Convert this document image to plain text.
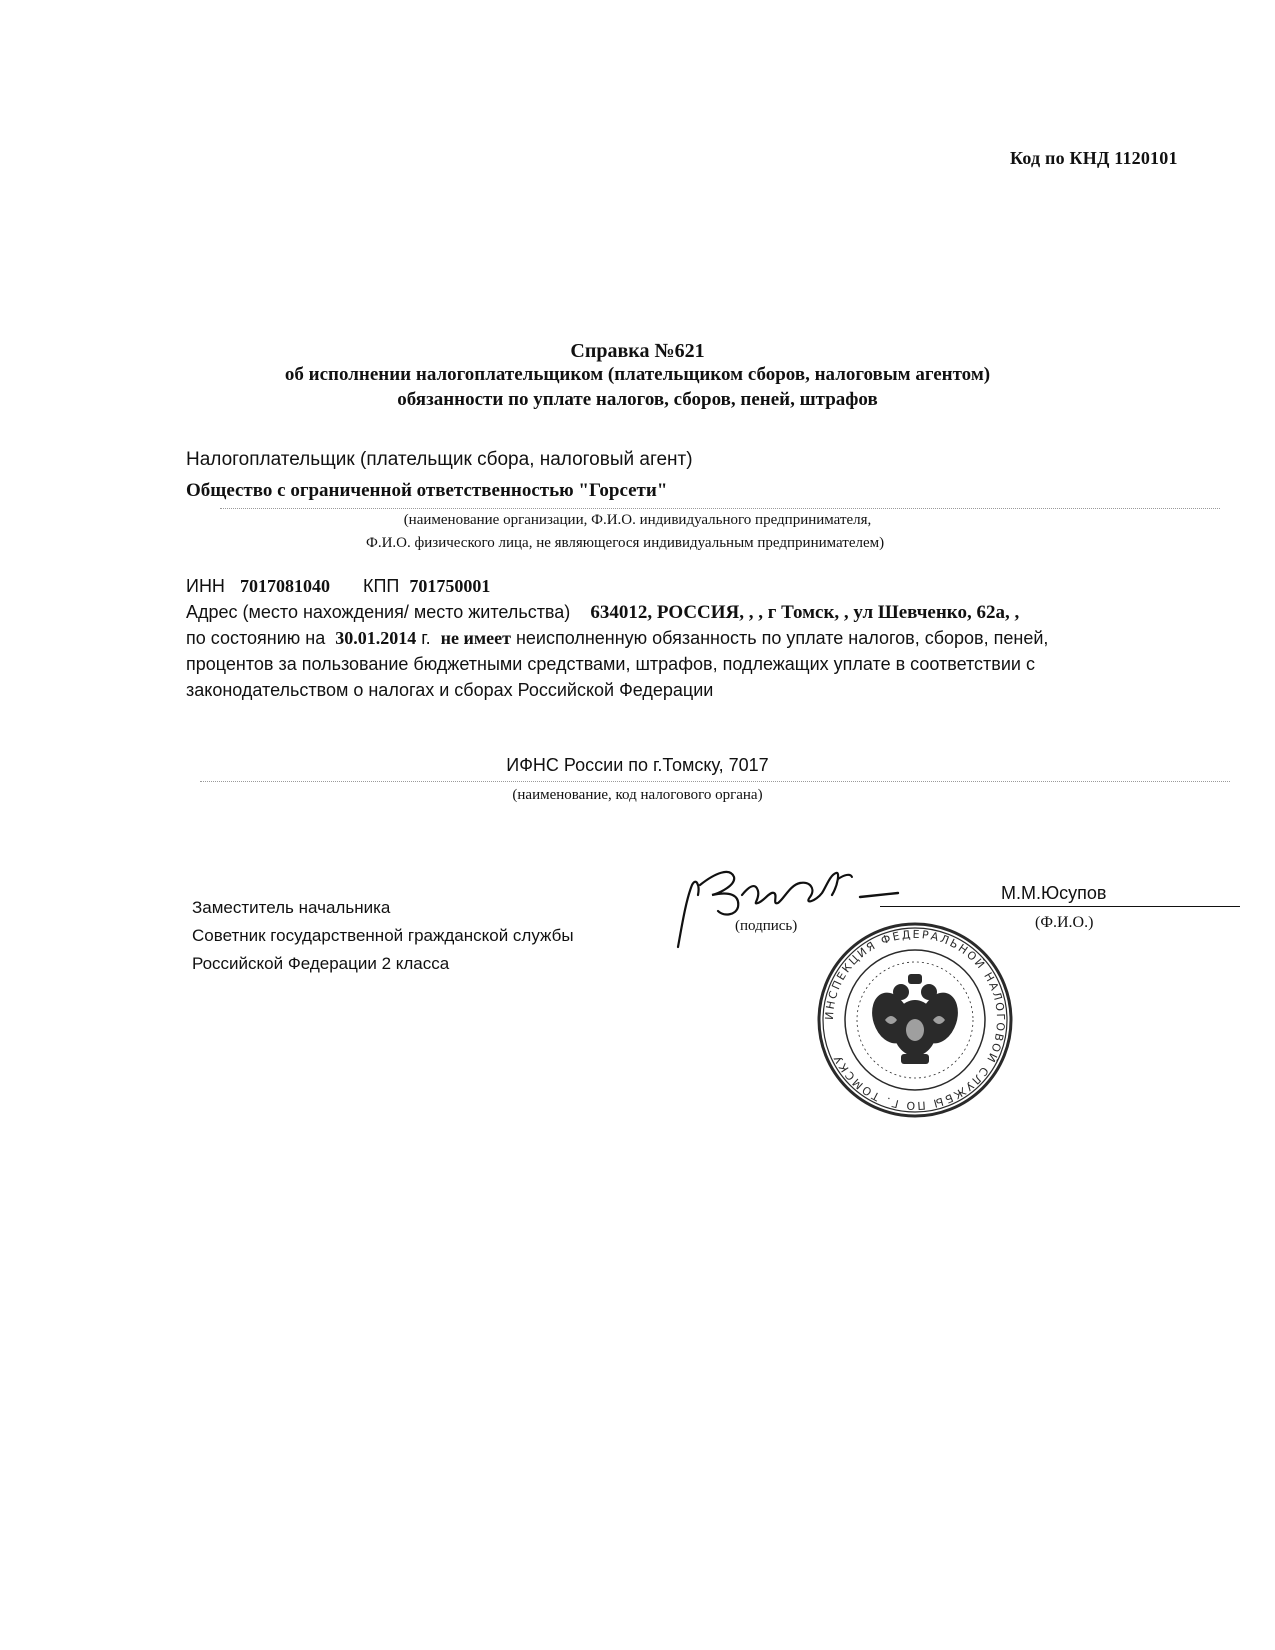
Код по КНД 1120101
Справка №621
об исполнении налогоплательщиком (плательщиком сборов, налоговым агентом)
обязанности по уплате налогов, сборов, пеней, штрафов
Налогоплательщик (плательщик сбора, налоговый агент)
Общество с ограниченной ответственностью "Горсети"
(наименование организации, Ф.И.О. индивидуального предпринимателя,
Ф.И.О. физического лица, не являющегося индивидуальным предпринимателем)
ИНН 7017081040 КПП 701750001
Адрес (место нахождения/ место жительства) 634012, РОССИЯ, , , г Томск, , ул Шевченко, 62а, ,
по состоянию на 30.01.2014 г. не имеет неисполненную обязанность по уплате налогов, сборов, пеней,
процентов за пользование бюджетными средствами, штрафов, подлежащих уплате в соответствии с
законодательством о налогах и сборах Российской Федерации
ИФНС России по г.Томску, 7017
(наименование, код налогового органа)
Заместитель начальника
Советник государственной гражданской службы
Российской Федерации 2 класса
(подпись)
М.М.Юсупов
(Ф.И.О.)
ИНСПЕКЦИЯ ФЕДЕРАЛЬНОЙ НАЛОГОВОЙ СЛУЖБЫ ПО Г. ТОМСКУ
